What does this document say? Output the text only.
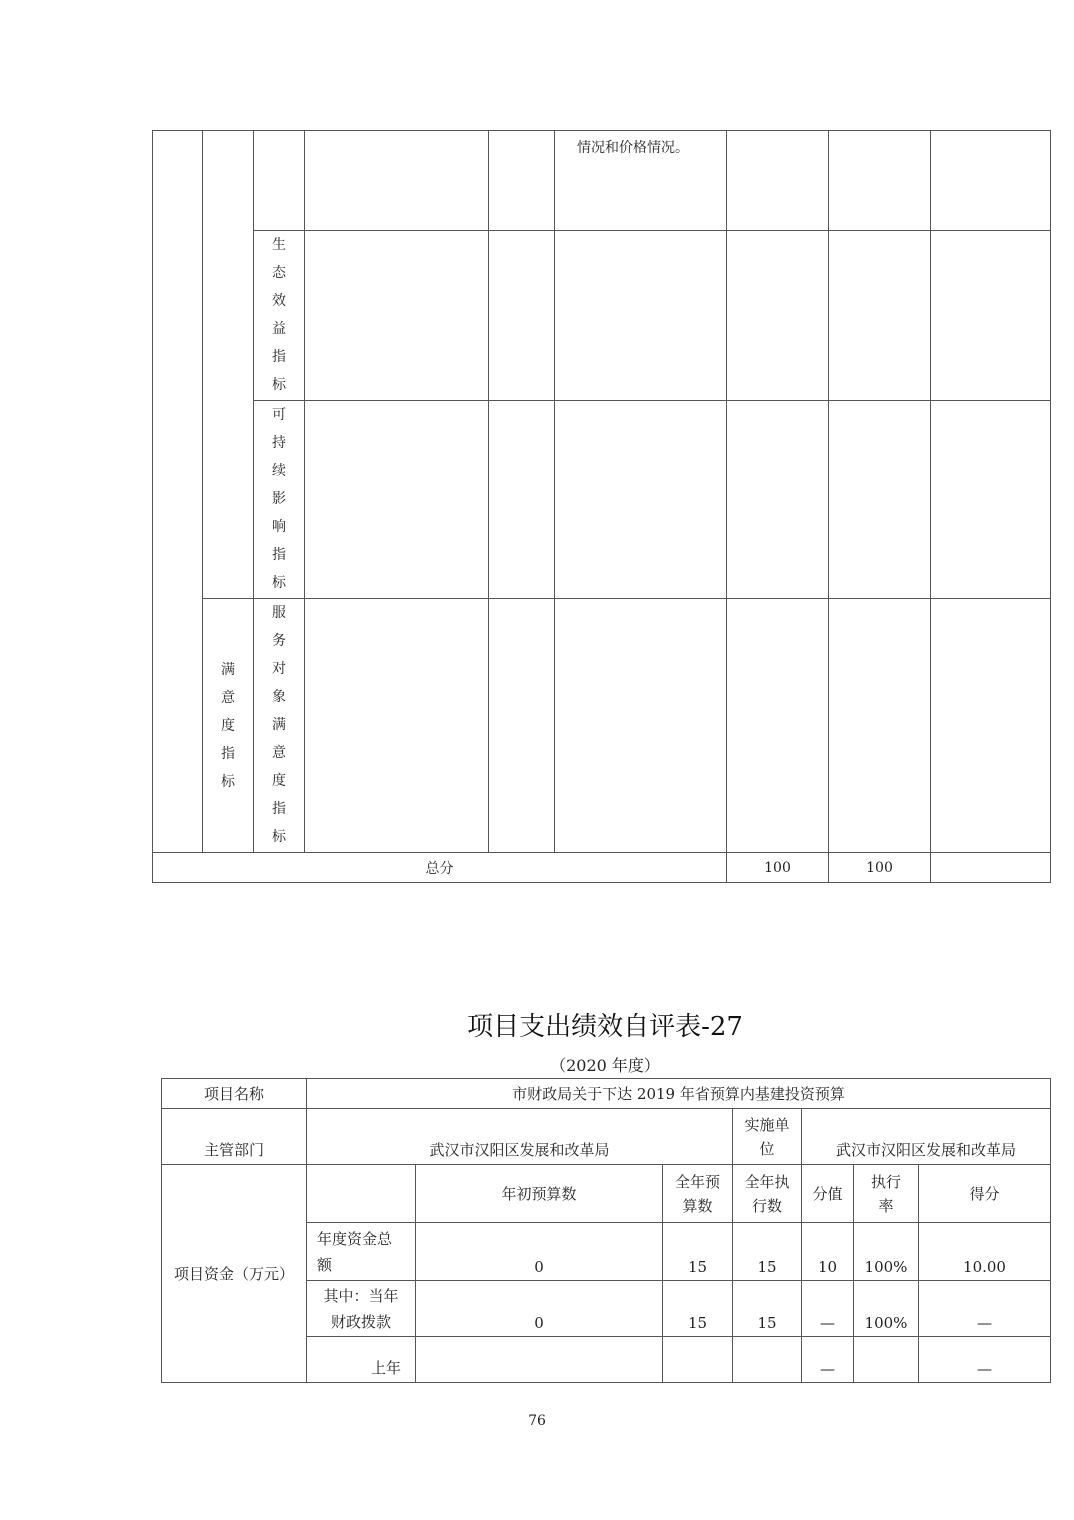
					情况和价格情况。			

		生态效益指标						

		可持续影响指标						

	满意度指标	服务对象满意度指标						

总分						100	100	
项目支出绩效自评表-27
（2020 年度）
项目名称	市财政局关于下达 2019 年省预算内基建投资预算						
主管部门	武汉市汉阳区发展和改革局			实施单位	武汉市汉阳区发展和改革局		
项目资金（万元）		年初预算数	全年预算数	全年执行数	分值	执行率	得分

	年度资金总额	0	15	15	10	100%	10.00

	其中：当年财政拨款	0	15	15	—	100%	—
	上年				—		—
76
